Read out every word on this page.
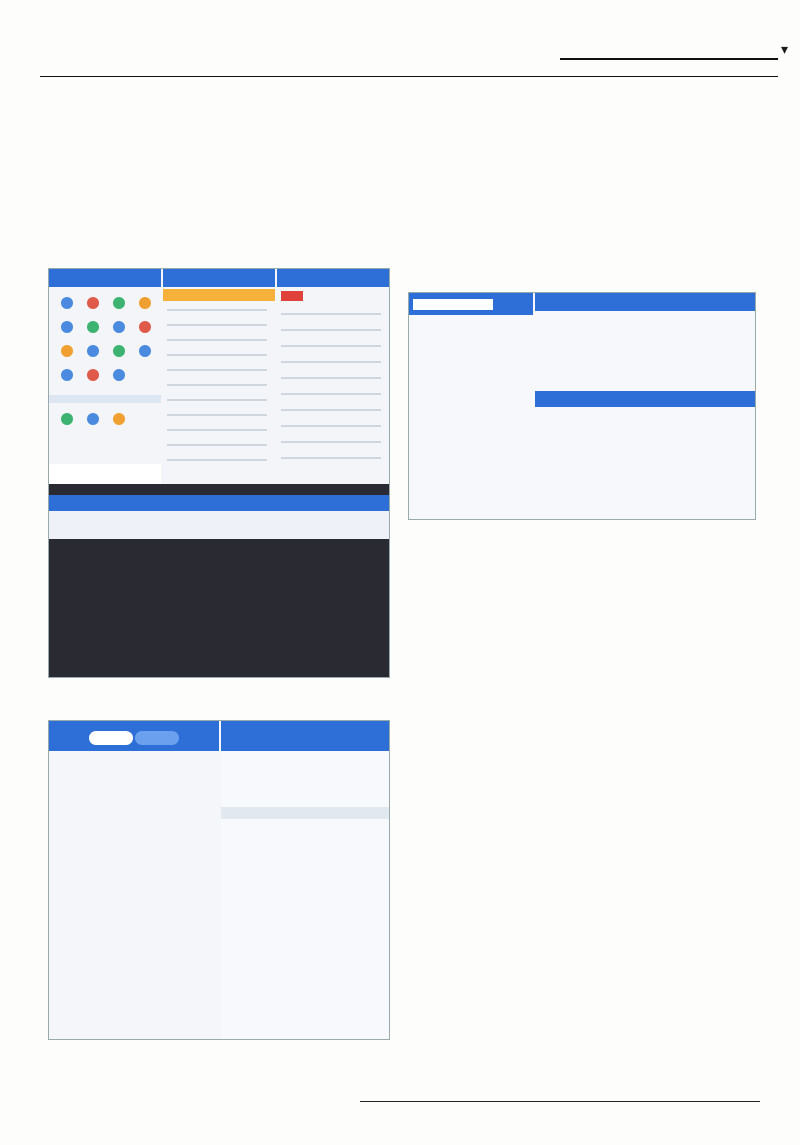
▾
